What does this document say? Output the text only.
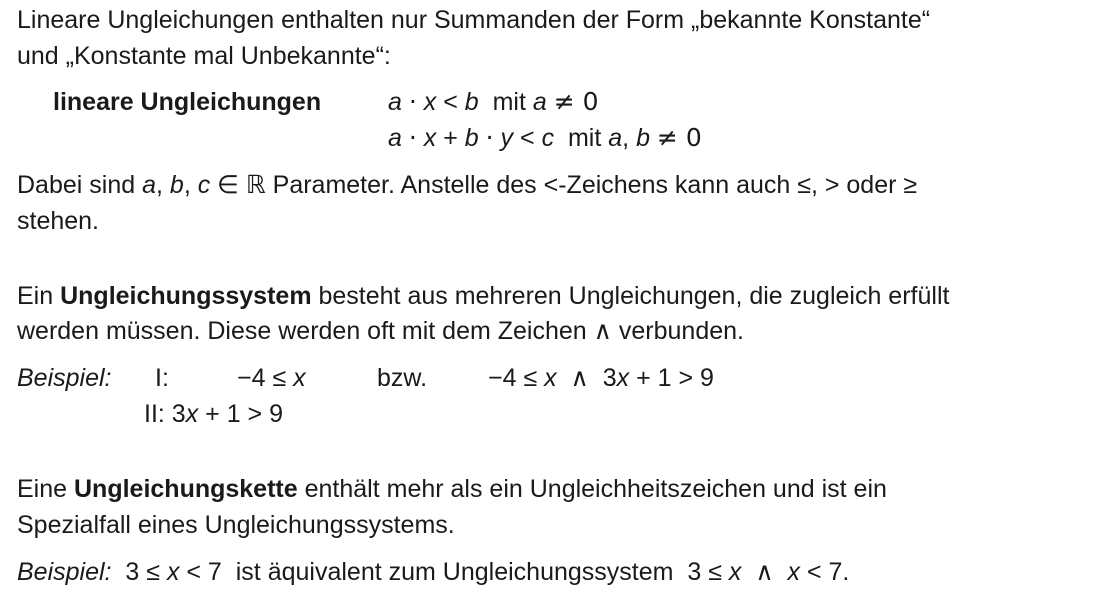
Lineare Ungleichungen enthalten nur Summanden der Form „bekannte Konstante“
und „Konstante mal Unbekannte“:
lineare Ungleichungen	a · x < b mit a ≠ 0
a · x + b · y < c mit a, b ≠ 0
Dabei sind a, b, c ∈ ℝ Parameter. Anstelle des <-Zeichens kann auch ≤, > oder ≥
stehen.
Ein Ungleichungssystem besteht aus mehreren Ungleichungen, die zugleich erfüllt
werden müssen. Diese werden oft mit dem Zeichen ∧ verbunden.
Beispiel: I:	−4 ≤ x	bzw. −4 ≤ x ∧ 3x + 1 > 9
II: 3x + 1 > 9
Eine Ungleichungskette enthält mehr als ein Ungleichheitszeichen und ist ein
Spezialfall eines Ungleichungssystems.
Beispiel: 3 ≤ x < 7 ist äquivalent zum Ungleichungssystem 3 ≤ x ∧ x < 7.
